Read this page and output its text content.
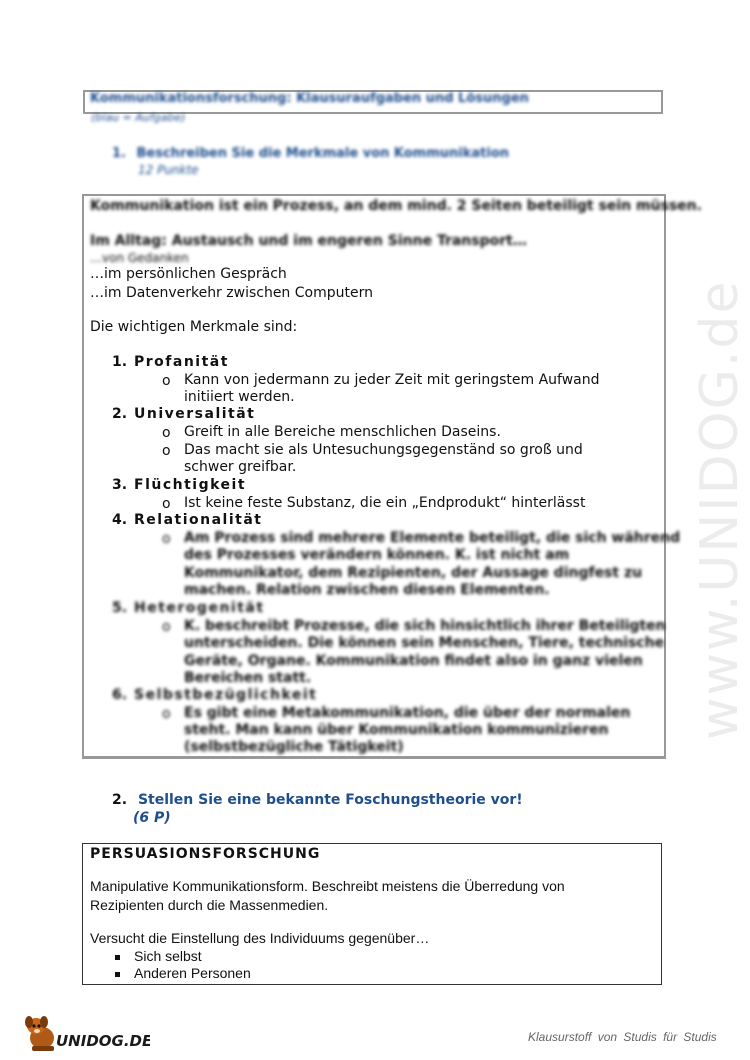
www.UNIDOG.de
Kommunikationsforschung: Klausuraufgaben und Lösungen
(blau = Aufgabe)
1. Beschreiben Sie die Merkmale von Kommunikation
12 Punkte
Kommunikation ist ein Prozess, an dem mind. 2 Seiten beteiligt sein müssen.
Im Alltag: Austausch und im engeren Sinne Transport…
…von Gedanken
…im persönlichen Gespräch
…im Datenverkehr zwischen Computern
Die wichtigen Merkmale sind:
1. Profanität
o Kann von jedermann zu jeder Zeit mit geringstem Aufwand
initiiert werden.
2. Universalität
o Greift in alle Bereiche menschlichen Daseins.
o Das macht sie als Untesuchungsgegenständ so groß und
schwer greifbar.
3. Flüchtigkeit
o Ist keine feste Substanz, die ein „Endprodukt“ hinterlässt
4. Relationalität
o Am Prozess sind mehrere Elemente beteiligt, die sich während
des Prozesses verändern können. K. ist nicht am
Kommunikator, dem Rezipienten, der Aussage dingfest zu
machen. Relation zwischen diesen Elementen.
5. Heterogenität
o K. beschreibt Prozesse, die sich hinsichtlich ihrer Beteiligten
unterscheiden. Die können sein Menschen, Tiere, technische
Geräte, Organe. Kommunikation findet also in ganz vielen
Bereichen statt.
6. Selbstbezüglichkeit
o Es gibt eine Metakommunikation, die über der normalen
steht. Man kann über Kommunikation kommunizieren
(selbstbezügliche Tätigkeit)
2. Stellen Sie eine bekannte Foschungstheorie vor!
(6 P)
PERSUASIONSFORSCHUNG
Manipulative Kommunikationsform. Beschreibt meistens die Überredung von
Rezipienten durch die Massenmedien.
Versucht die Einstellung des Individuums gegenüber…
Sich selbst
Anderen Personen
UNIDOG.DE	Klausurstoff von Studis für Studis
